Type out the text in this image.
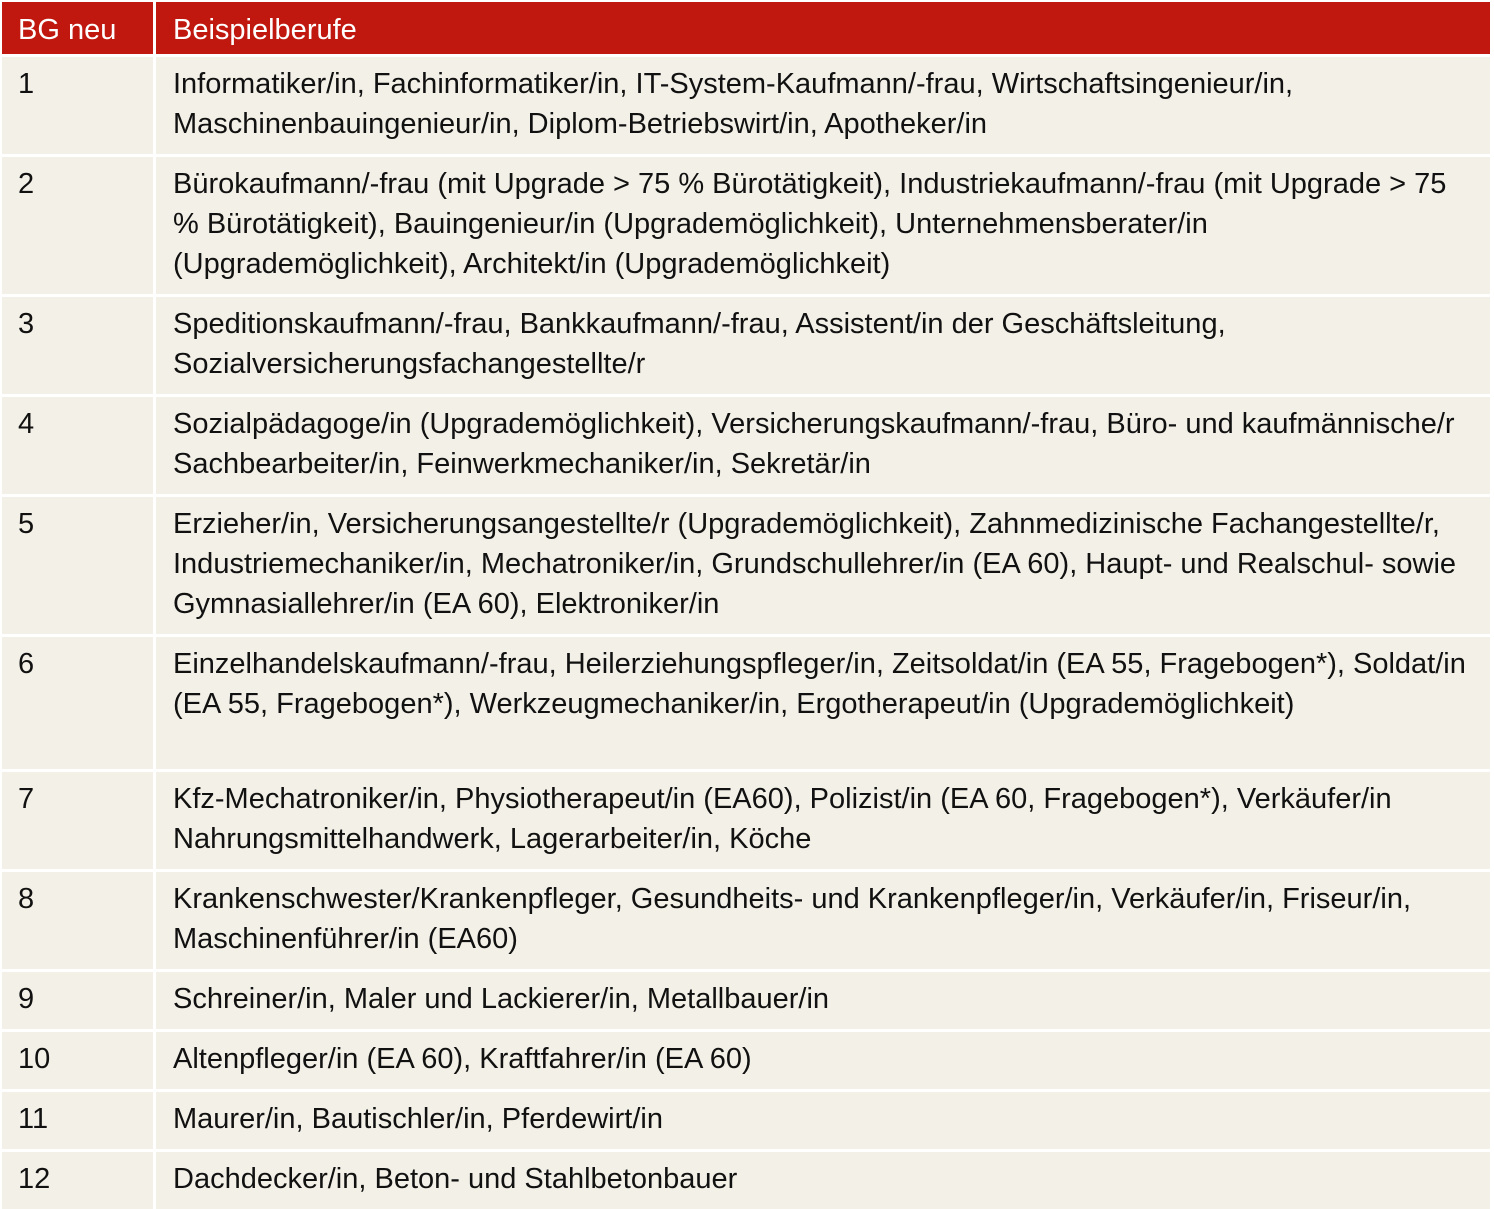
BG neu	Beispielberufe
1	Informatiker/in, Fachinformatiker/in, IT-System-Kaufmann/-frau, Wirtschaftsingenieur/in, Maschinenbauingenieur/in, Diplom-Betriebswirt/in, Apotheker/in
2	Bürokaufmann/-frau (mit Upgrade > 75 % Bürotätigkeit), Industriekaufmann/-frau (mit Upgrade > 75 % Bürotätigkeit), Bauingenieur/in (Upgrademöglichkeit), Unternehmensberater/in (Upgrademöglichkeit), Architekt/in (Upgrademöglichkeit)
3	Speditionskaufmann/-frau, Bankkaufmann/-frau, Assistent/in der Geschäftsleitung, Sozialversicherungsfachangestellte/r
4	Sozialpädagoge/in (Upgrademöglichkeit), Versicherungskaufmann/-frau, Büro- und kaufmännische/r Sachbearbeiter/in, Feinwerkmechaniker/in, Sekretär/in
5	Erzieher/in, Versicherungsangestellte/r (Upgrademöglichkeit), Zahnmedizinische Fachangestellte/r, Industriemechaniker/in, Mechatroniker/in, Grundschullehrer/in (EA 60), Haupt- und Realschul- sowie Gymnasiallehrer/in (EA 60), Elektroniker/in
6	Einzelhandelskaufmann/-frau, Heilerziehungspfleger/in, Zeitsoldat/in (EA 55, Fragebogen*), Soldat/in (EA 55, Fragebogen*), Werkzeugmechaniker/in, Ergotherapeut/in (Upgrademöglichkeit)
7	Kfz-Mechatroniker/in, Physiotherapeut/in (EA60), Polizist/in (EA 60, Fragebogen*), Verkäufer/in Nahrungsmittelhandwerk, Lagerarbeiter/in, Köche
8	Krankenschwester/Krankenpfleger, Gesundheits- und Krankenpfleger/in, Verkäufer/in, Friseur/in, Maschinenführer/in (EA60)
9	Schreiner/in, Maler und Lackierer/in, Metallbauer/in
10	Altenpfleger/in (EA 60), Kraftfahrer/in (EA 60)
11	Maurer/in, Bautischler/in, Pferdewirt/in
12	Dachdecker/in, Beton- und Stahlbetonbauer
